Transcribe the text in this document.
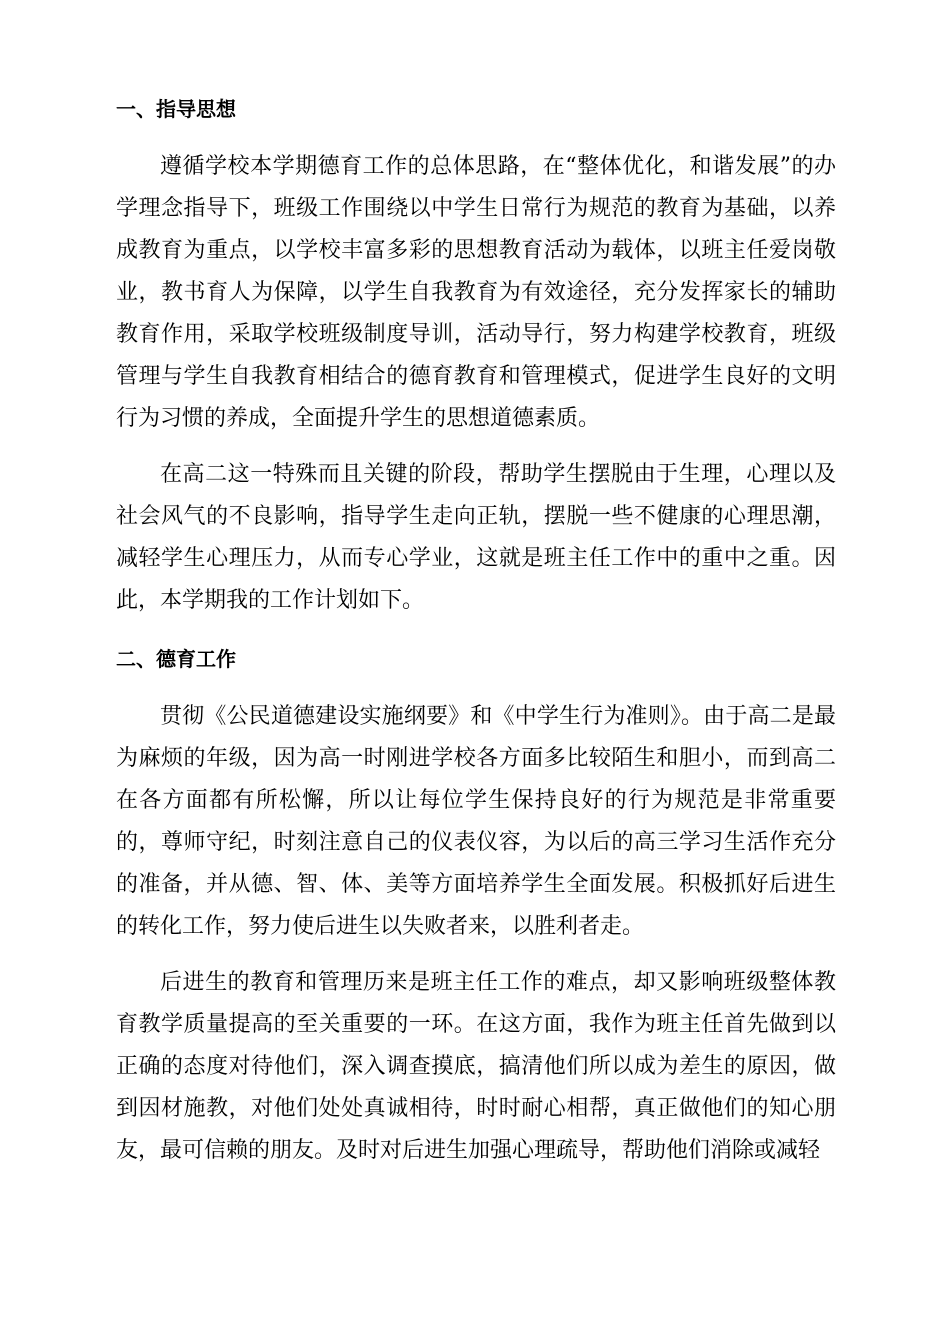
一、指导思想

遵循学校本学期德育工作的总体思路，在“整体优化，和谐发展”的办学理念指导下，班级工作围绕以中学生日常行为规范的教育为基础，以养成教育为重点，以学校丰富多彩的思想教育活动为载体，以班主任爱岗敬业，教书育人为保障，以学生自我教育为有效途径，充分发挥家长的辅助教育作用，采取学校班级制度导训，活动导行，努力构建学校教育，班级管理与学生自我教育相结合的德育教育和管理模式，促进学生良好的文明行为习惯的养成，全面提升学生的思想道德素质。

在高二这一特殊而且关键的阶段，帮助学生摆脱由于生理，心理以及社会风气的不良影响，指导学生走向正轨，摆脱一些不健康的心理思潮，减轻学生心理压力，从而专心学业，这就是班主任工作中的重中之重。因此，本学期我的工作计划如下。

二、德育工作

贯彻《公民道德建设实施纲要》和《中学生行为准则》。由于高二是最为麻烦的年级，因为高一时刚进学校各方面多比较陌生和胆小，而到高二在各方面都有所松懈，所以让每位学生保持良好的行为规范是非常重要的，尊师守纪，时刻注意自己的仪表仪容，为以后的高三学习生活作充分的准备，并从德、智、体、美等方面培养学生全面发展。积极抓好后进生的转化工作，努力使后进生以失败者来，以胜利者走。

后进生的教育和管理历来是班主任工作的难点，却又影响班级整体教育教学质量提高的至关重要的一环。在这方面，我作为班主任首先做到以正确的态度对待他们，深入调查摸底，搞清他们所以成为差生的原因，做到因材施教，对他们处处真诚相待，时时耐心相帮，真正做他们的知心朋友，最可信赖的朋友。及时对后进生加强心理疏导，帮助他们消除或减轻
